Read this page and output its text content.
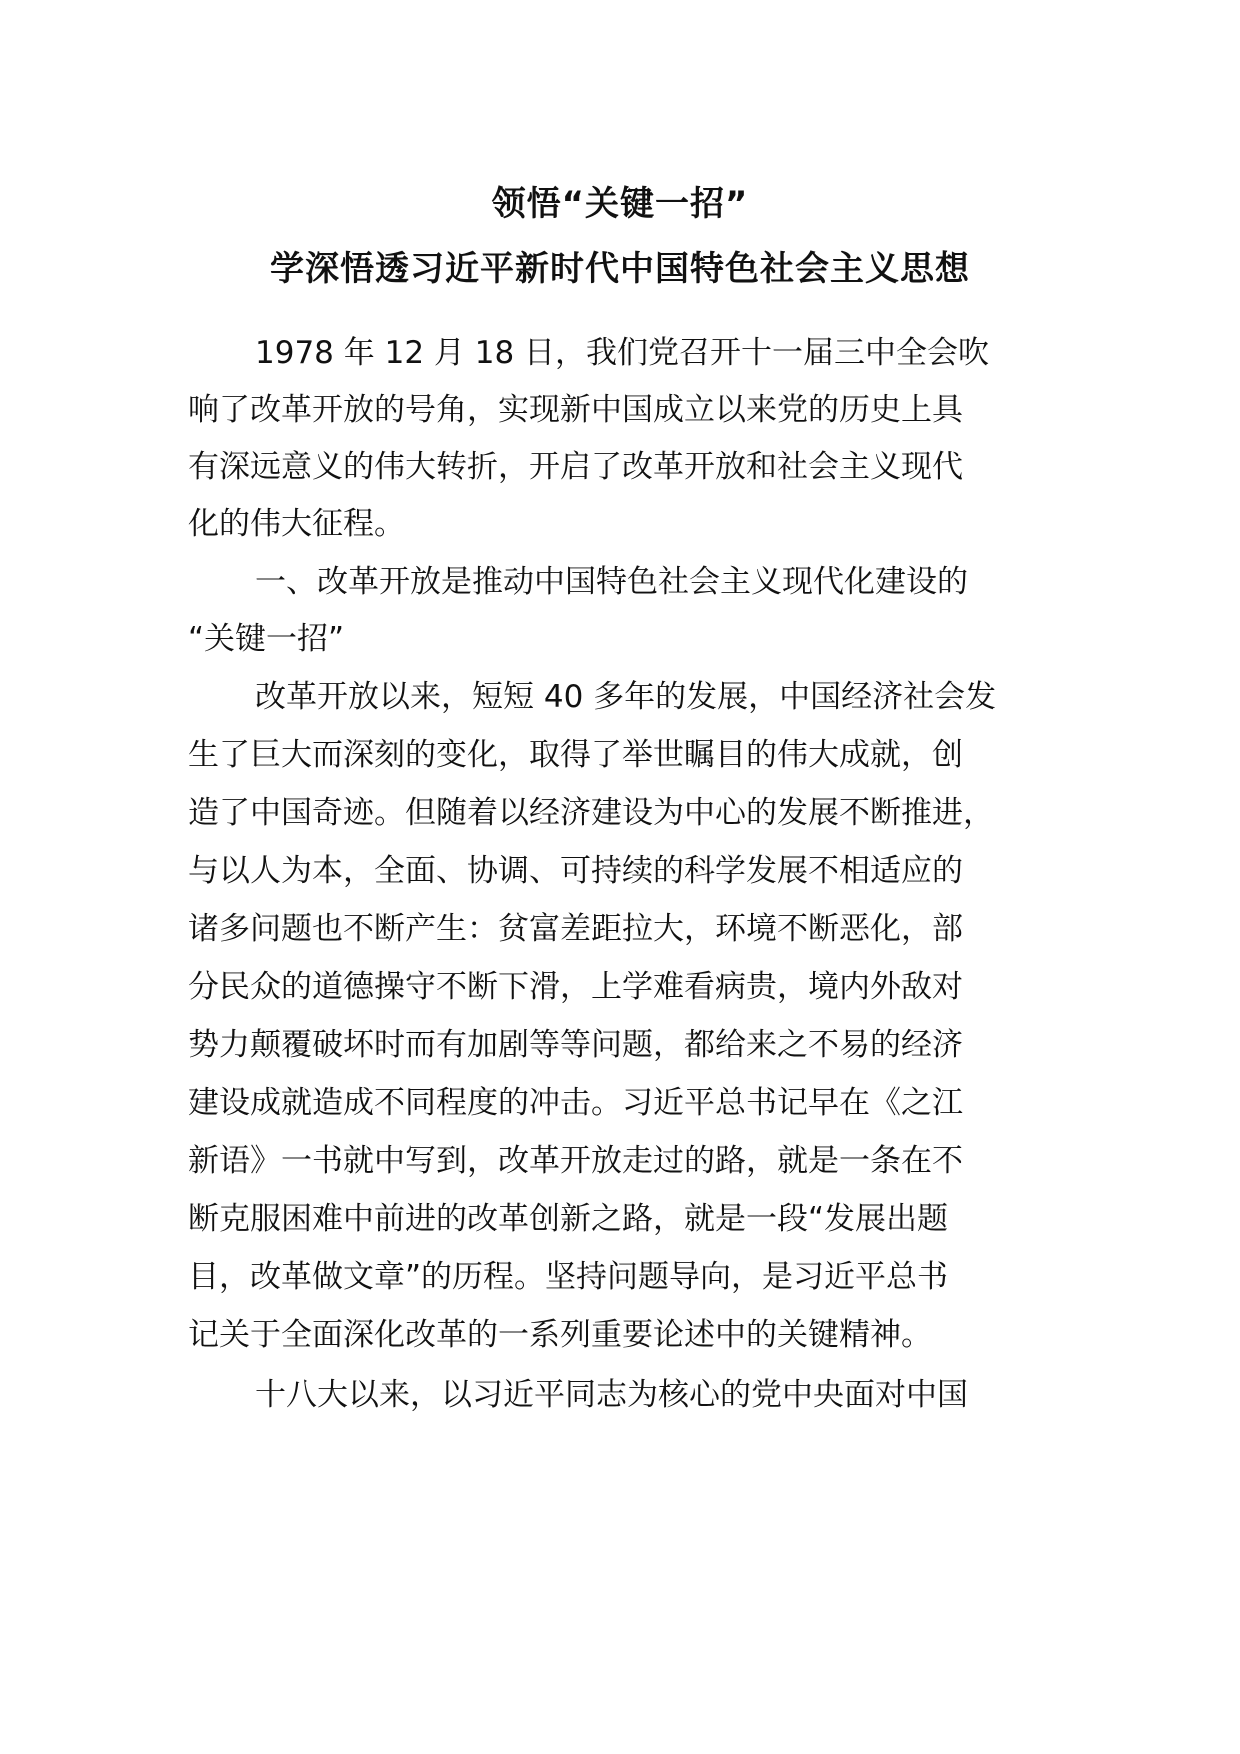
领悟“关键一招”
学深悟透习近平新时代中国特色社会主义思想
1978 年 12 月 18 日，我们党召开十一届三中全会吹
响了改革开放的号角，实现新中国成立以来党的历史上具
有深远意义的伟大转折，开启了改革开放和社会主义现代
化的伟大征程。
一、改革开放是推动中国特色社会主义现代化建设的
“关键一招”
改革开放以来，短短 40 多年的发展，中国经济社会发
生了巨大而深刻的变化，取得了举世瞩目的伟大成就，创
造了中国奇迹。但随着以经济建设为中心的发展不断推进，
与以人为本，全面、协调、可持续的科学发展不相适应的
诸多问题也不断产生：贫富差距拉大，环境不断恶化，部
分民众的道德操守不断下滑，上学难看病贵，境内外敌对
势力颠覆破坏时而有加剧等等问题，都给来之不易的经济
建设成就造成不同程度的冲击。习近平总书记早在《之江
新语》一书就中写到，改革开放走过的路，就是一条在不
断克服困难中前进的改革创新之路，就是一段“发展出题
目，改革做文章”的历程。坚持问题导向，是习近平总书
记关于全面深化改革的一系列重要论述中的关键精神。
十八大以来，以习近平同志为核心的党中央面对中国
